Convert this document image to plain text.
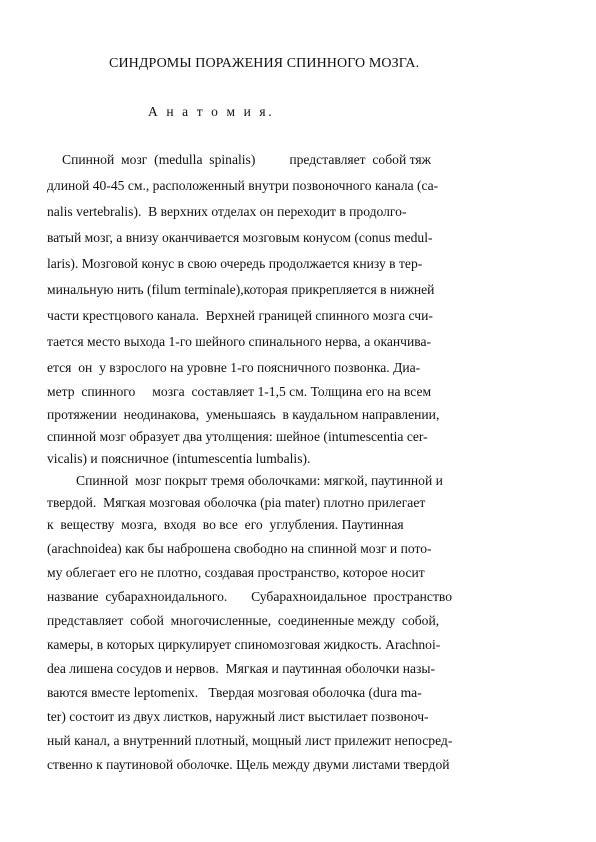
СИНДРОМЫ ПОРАЖЕНИЯ СПИННОГО МОЗГА.
А н а т о м и я.
Спинной  мозг  (medulla  spinalis)          представляет  собой тяж
длиной 40-45 см., расположенный внутри позвоночного канала (ca-
nalis vertebralis).  В верхних отделах он переходит в продолго-
ватый мозг, а внизу оканчивается мозговым конусом (conus medul-
laris). Мозговой конус в свою очередь продолжается книзу в тер-
минальную нить (filum terminale),которая прикрепляется в нижней
части крестцового канала.  Верхней границей спинного мозга счи-
тается место выхода 1-го шейного спинального нерва, а оканчива-
ется  он  у взрослого на уровне 1-го поясничного позвонка. Диа-
метр  спинного     мозга  составляет 1-1,5 см. Толщина его на всем
протяжении  неодинакова,  уменьшаясь  в каудальном направлении,
спинной мозг образует два утолщения: шейное (intumescentia cer-
vicalis) и поясничное (intumescentia lumbalis).
Спинной  мозг покрыт тремя оболочками: мягкой, паутинной и
твердой.  Мягкая мозговая оболочка (pia mater) плотно прилегает
к  веществу  мозга,  входя  во все  его  углубления. Паутинная
(arachnoidea) как бы наброшена свободно на спинной мозг и пото-
му облегает его не плотно, создавая пространство, которое носит
название  субарахноидального.       Субарахноидальное  пространство
представляет  собой  многочисленные,  соединенные между  собой,
камеры, в которых циркулирует спиномозговая жидкость. Arachnoi-
dea лишена сосудов и нервов.  Мягкая и паутинная оболочки назы-
ваются вместе leptomenix.   Твердая мозговая оболочка (dura ma-
ter) состоит из двух листков, наружный лист выстилает позвоноч-
ный канал, а внутренний плотный, мощный лист прилежит непосред-
ственно к паутиновой оболочке. Щель между двуми листами твердой
